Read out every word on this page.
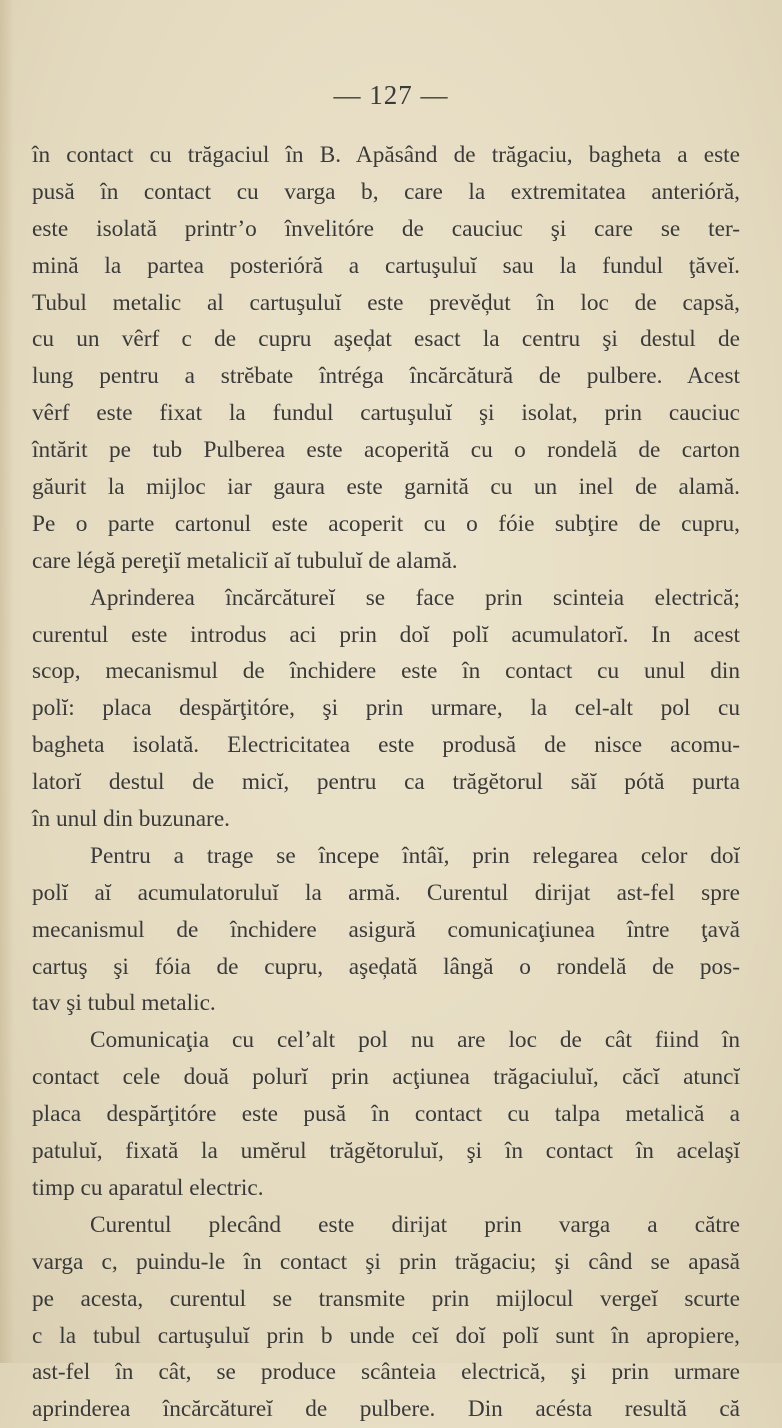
— 127 —
în contact cu trăgaciul în B. Apăsând de trăgaciu, bagheta a este
pusă în contact cu varga b, care la extremitatea anterióră,
este isolată printr’o învelitóre de cauciuc şi care se ter-
mină la partea posterióră a cartuşuluĭ sau la fundul ţăveĭ.
Tubul metalic al cartuşuluĭ este prevĕḑut în loc de capsă,
cu un vêrf c de cupru aşeḑat esact la centru şi destul de
lung pentru a strĕbate întréga încărcătură de pulbere. Acest
vêrf este fixat la fundul cartuşuluĭ şi isolat, prin cauciuc
întărit pe tub Pulberea este acoperită cu o rondelă de carton
găurit la mijloc iar gaura este garnită cu un inel de alamă.
Pe o parte cartonul este acoperit cu o fóie subţire de cupru,
care légă pereţiĭ metaliciĭ aĭ tubuluĭ de alamă.
Aprinderea încărcătureĭ se face prin scinteia electrică;
curentul este introdus aci prin doĭ polĭ acumulatorĭ. In acest
scop, mecanismul de închidere este în contact cu unul din
polĭ: placa despărţitóre, şi prin urmare, la cel-alt pol cu
bagheta isolată. Electricitatea este produsă de nisce acomu-
latorĭ destul de micĭ, pentru ca trăgĕtorul săĭ pótă purta
în unul din buzunare.
Pentru a trage se începe întâĭ, prin relegarea celor doĭ
polĭ aĭ acumulatoruluĭ la armă. Curentul dirijat ast-fel spre
mecanismul de închidere asigură comunicaţiunea între ţavă
cartuş şi fóia de cupru, aşeḑată lângă o rondelă de pos-
tav şi tubul metalic.
Comunicaţia cu cel’alt pol nu are loc de cât fiind în
contact cele două polurĭ prin acţiunea trăgaciuluĭ, căcĭ atuncĭ
placa despărţitóre este pusă în contact cu talpa metalică a
patuluĭ, fixată la umĕrul trăgĕtoruluĭ, şi în contact în acelaşĭ
timp cu aparatul electric.
Curentul plecând este dirijat prin varga a către
varga c, puindu-le în contact şi prin trăgaciu; şi când se apasă
pe acesta, curentul se transmite prin mijlocul vergeĭ scurte
c la tubul cartuşuluĭ prin b unde ceĭ doĭ polĭ sunt în apropiere,
ast-fel în cât, se produce scânteia electrică, şi prin urmare
aprinderea încărcătureĭ de pulbere. Din acésta resultă că
